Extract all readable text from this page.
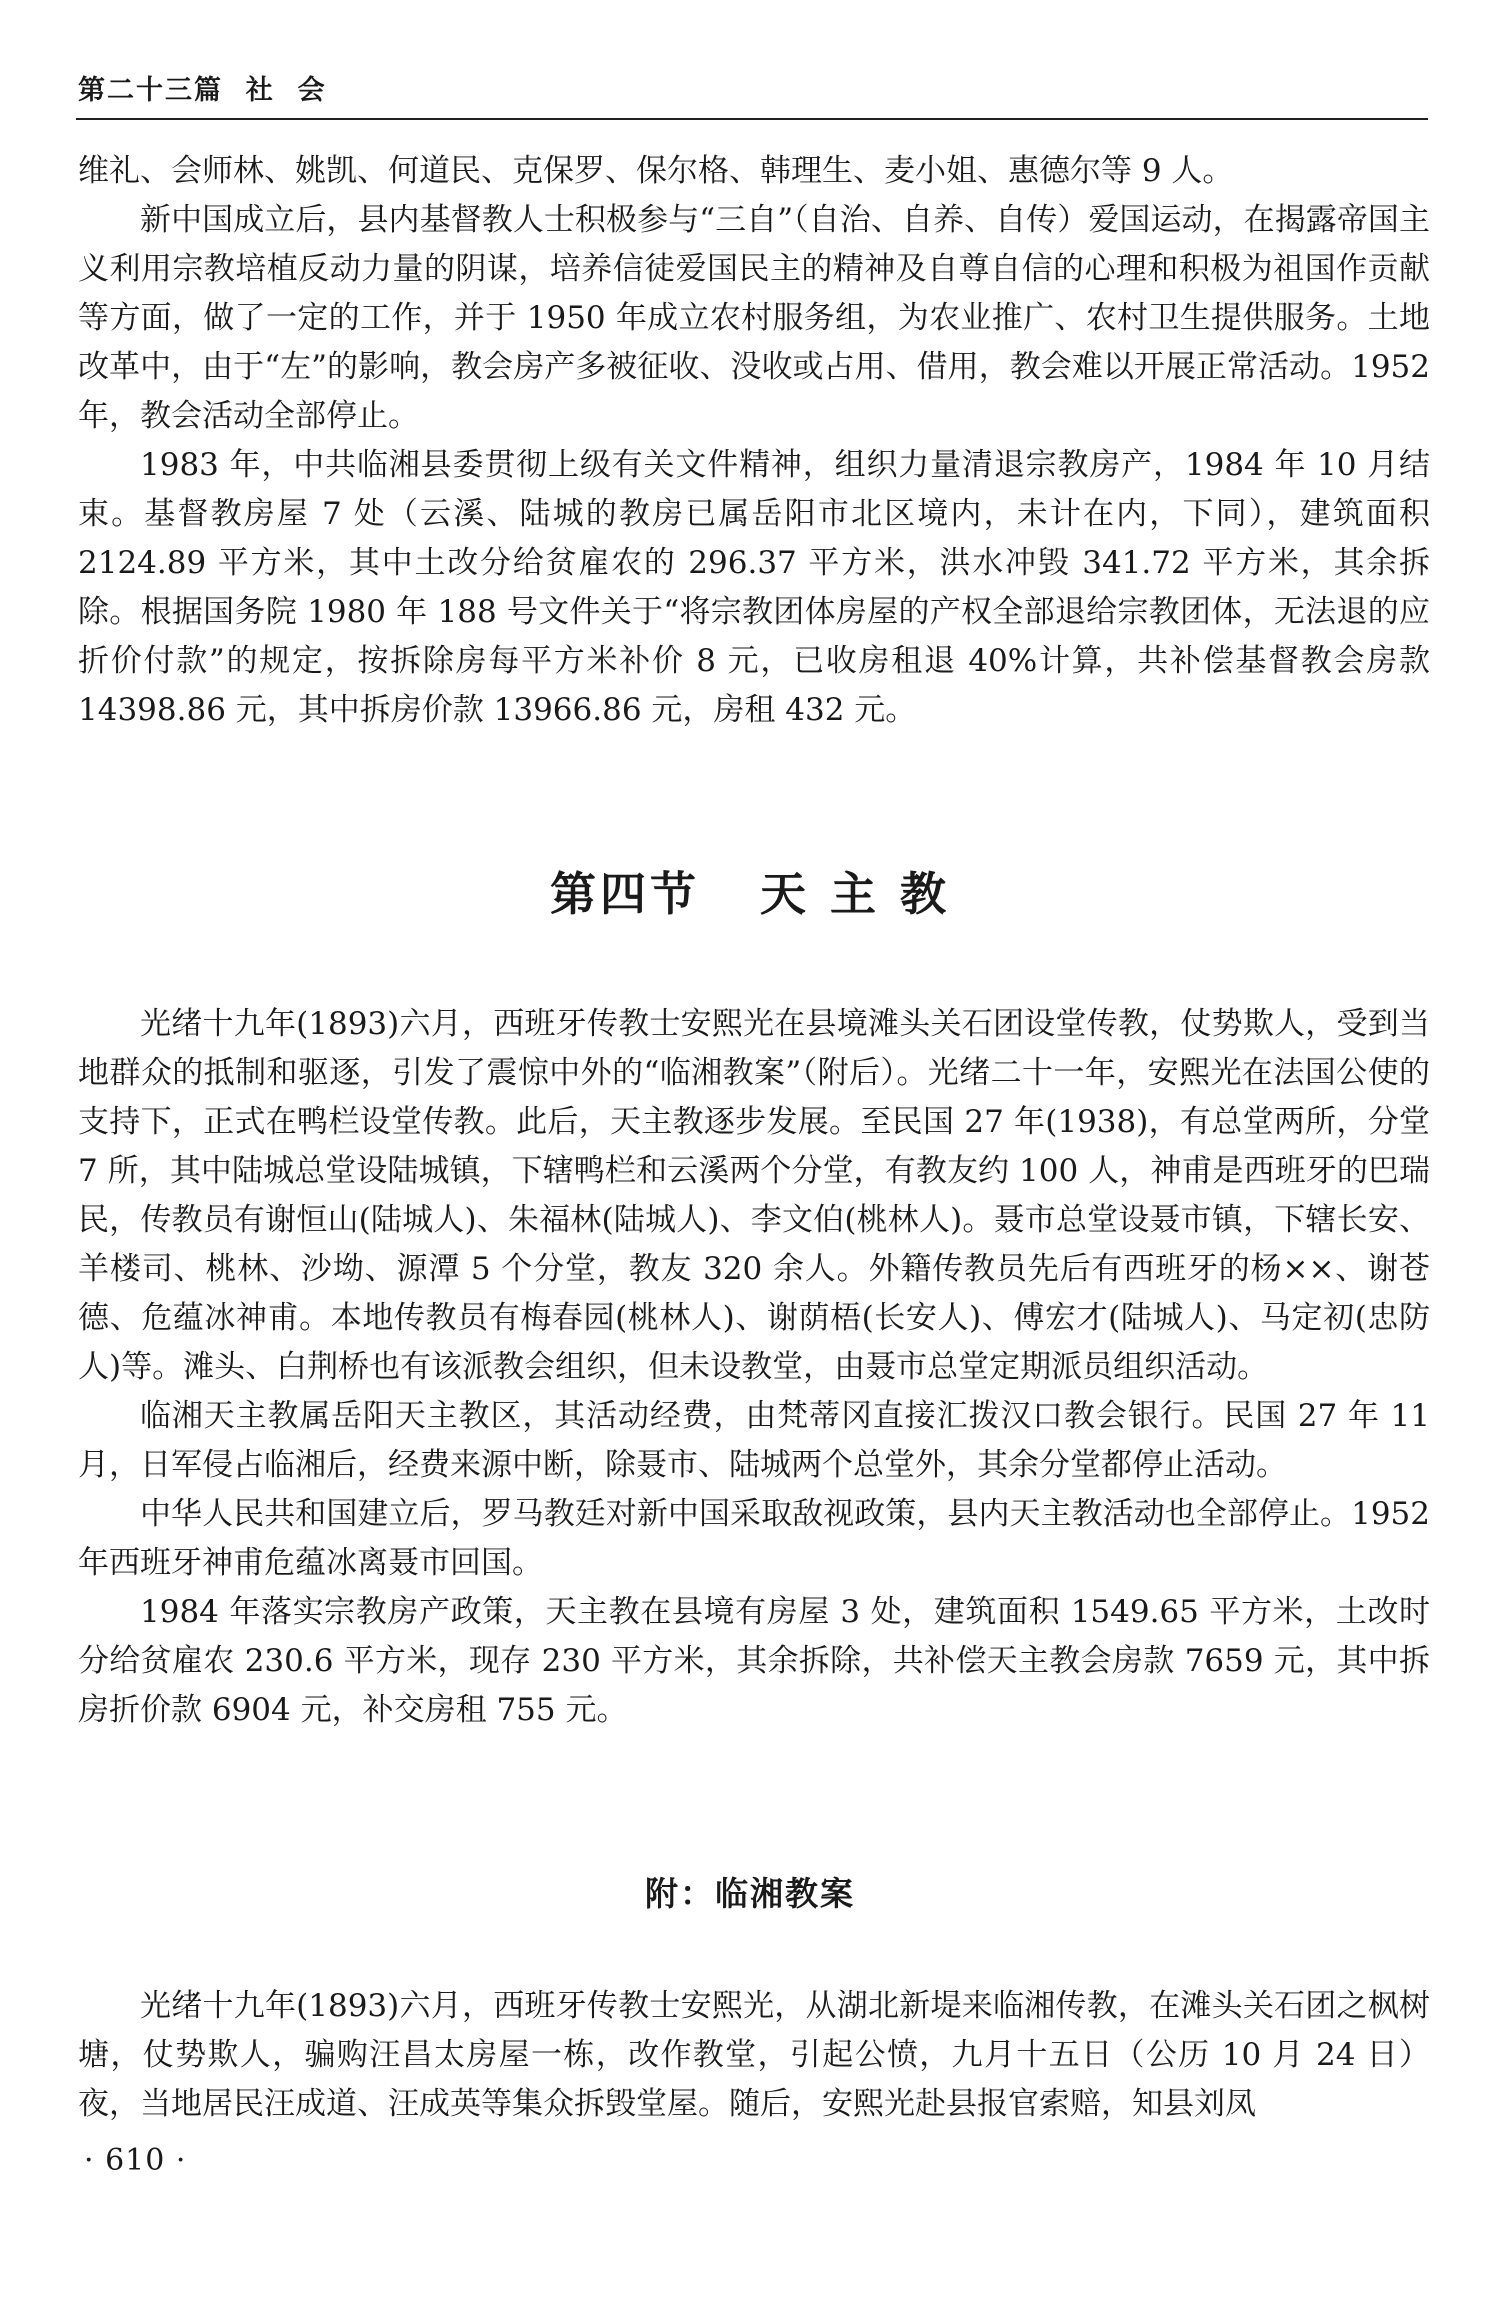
第二十三篇  社  会

维礼、会师林、姚凯、何道民、克保罗、保尔格、韩理生、麦小姐、惠德尔等 9 人。

新中国成立后，县内基督教人士积极参与“三自”（自治、自养、自传）爱国运动，在揭露帝国主义利用宗教培植反动力量的阴谋，培养信徒爱国民主的精神及自尊自信的心理和积极为祖国作贡献等方面，做了一定的工作，并于 1950 年成立农村服务组，为农业推广、农村卫生提供服务。土地改革中，由于“左”的影响，教会房产多被征收、没收或占用、借用，教会难以开展正常活动。1952 年，教会活动全部停止。

1983 年，中共临湘县委贯彻上级有关文件精神，组织力量清退宗教房产，1984 年 10 月结束。基督教房屋 7 处（云溪、陆城的教房已属岳阳市北区境内，未计在内，下同），建筑面积 2124.89 平方米，其中土改分给贫雇农的 296.37 平方米，洪水冲毁 341.72 平方米，其余拆除。根据国务院 1980 年 188 号文件关于“将宗教团体房屋的产权全部退给宗教团体，无法退的应折价付款”的规定，按拆除房每平方米补价 8 元，已收房租退 40%计算，共补偿基督教会房款 14398.86 元，其中拆房价款 13966.86 元，房租 432 元。

第四节   天 主 教

光绪十九年(1893)六月，西班牙传教士安熙光在县境滩头关石团设堂传教，仗势欺人，受到当地群众的抵制和驱逐，引发了震惊中外的“临湘教案”（附后）。光绪二十一年，安熙光在法国公使的支持下，正式在鸭栏设堂传教。此后，天主教逐步发展。至民国 27 年(1938)，有总堂两所，分堂 7 所，其中陆城总堂设陆城镇，下辖鸭栏和云溪两个分堂，有教友约 100 人，神甫是西班牙的巴瑞民，传教员有谢恒山(陆城人)、朱福林(陆城人)、李文伯(桃林人)。聂市总堂设聂市镇，下辖长安、羊楼司、桃林、沙坳、源潭 5 个分堂，教友 320 余人。外籍传教员先后有西班牙的杨××、谢苍德、危蕴冰神甫。本地传教员有梅春园(桃林人)、谢荫梧(长安人)、傅宏才(陆城人)、马定初(忠防人)等。滩头、白荆桥也有该派教会组织，但未设教堂，由聂市总堂定期派员组织活动。

临湘天主教属岳阳天主教区，其活动经费，由梵蒂冈直接汇拨汉口教会银行。民国 27 年 11 月，日军侵占临湘后，经费来源中断，除聂市、陆城两个总堂外，其余分堂都停止活动。

中华人民共和国建立后，罗马教廷对新中国采取敌视政策，县内天主教活动也全部停止。1952 年西班牙神甫危蕴冰离聂市回国。

1984 年落实宗教房产政策，天主教在县境有房屋 3 处，建筑面积 1549.65 平方米，土改时分给贫雇农 230.6 平方米，现存 230 平方米，其余拆除，共补偿天主教会房款 7659 元，其中拆房折价款 6904 元，补交房租 755 元。

附：临湘教案

光绪十九年(1893)六月，西班牙传教士安熙光，从湖北新堤来临湘传教，在滩头关石团之枫树塘，仗势欺人，骗购汪昌太房屋一栋，改作教堂，引起公愤，九月十五日（公历 10 月 24 日）夜，当地居民汪成道、汪成英等集众拆毁堂屋。随后，安熙光赴县报官索赔，知县刘凤

· 610 ·
